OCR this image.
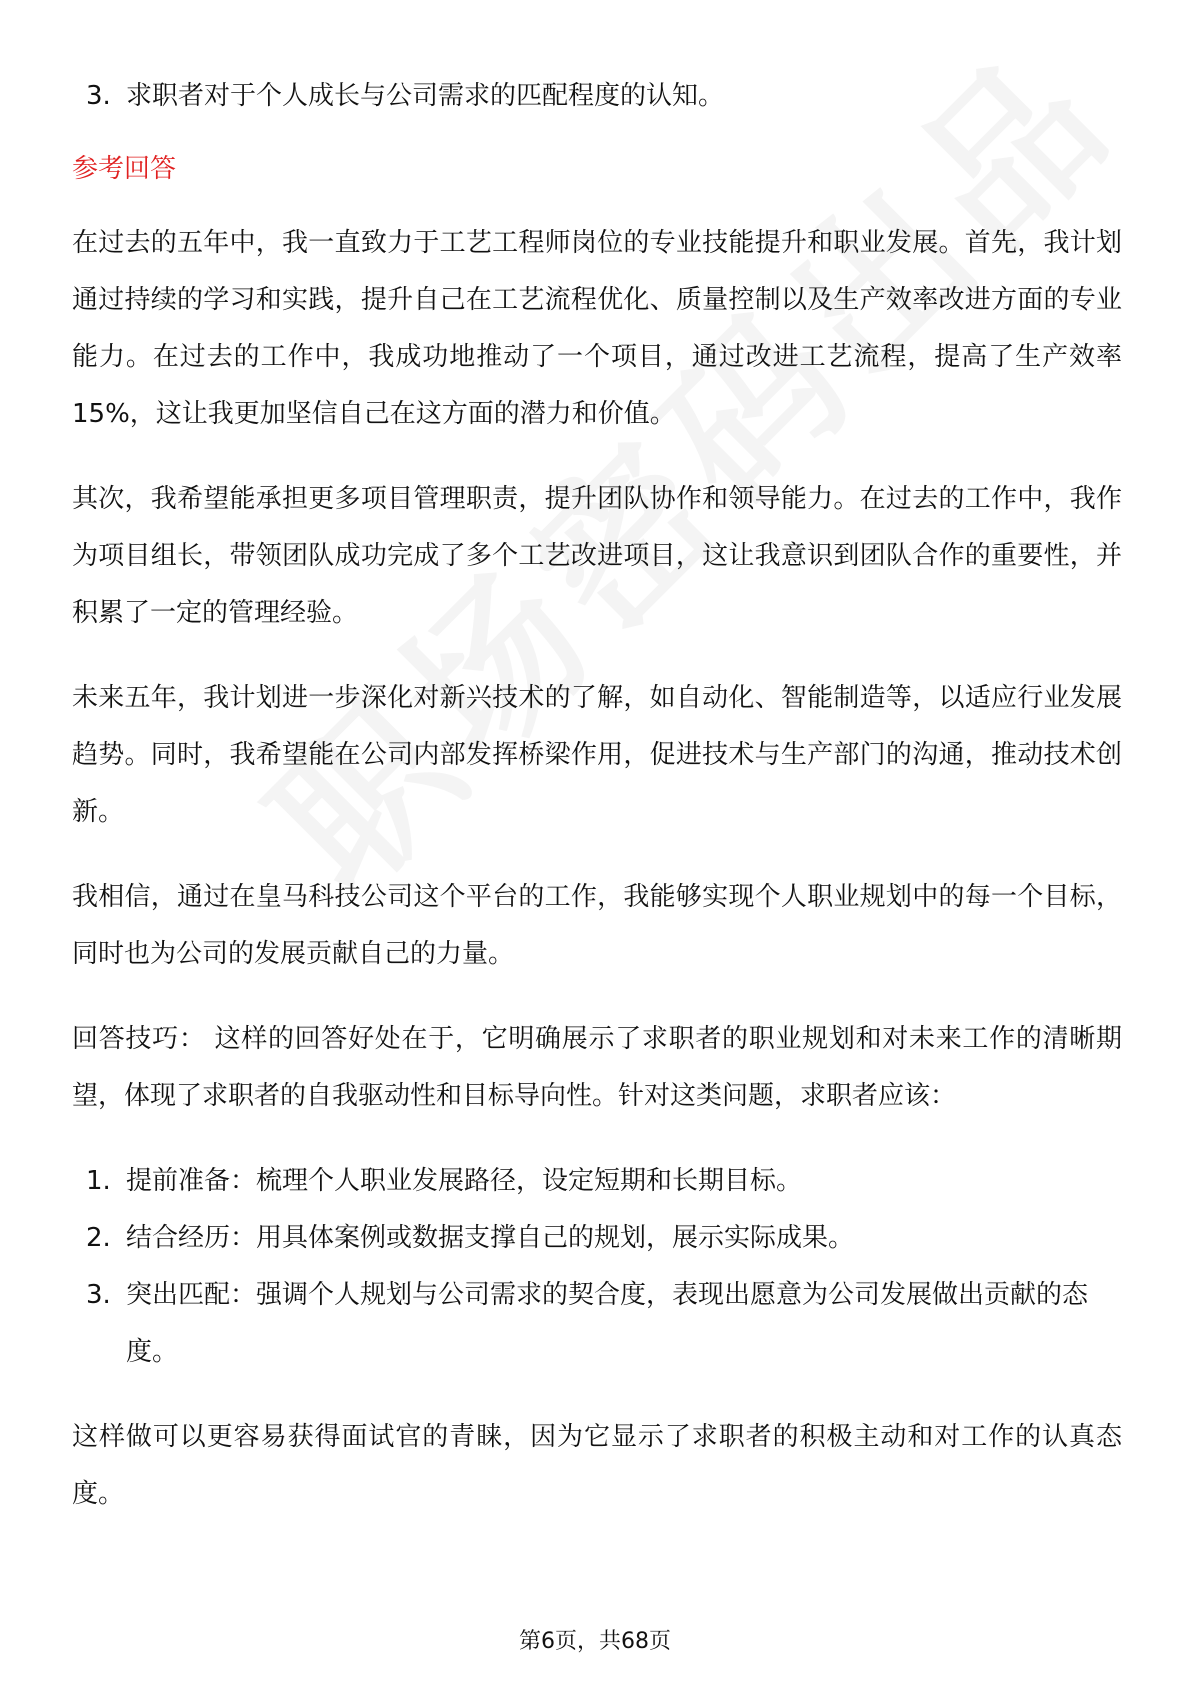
3. 求职者对于个人成长与公司需求的匹配程度的认知。
参考回答

在过去的五年中，我一直致力于工艺工程师岗位的专业技能提升和职业发展。首先，我计划通过持续的学习和实践，提升自己在工艺流程优化、质量控制以及生产效率改进方面的专业能力。在过去的工作中，我成功地推动了一个项目，通过改进工艺流程，提高了生产效率15%，这让我更加坚信自己在这方面的潜力和价值。

其次，我希望能承担更多项目管理职责，提升团队协作和领导能力。在过去的工作中，我作为项目组长，带领团队成功完成了多个工艺改进项目，这让我意识到团队合作的重要性，并积累了一定的管理经验。

未来五年，我计划进一步深化对新兴技术的了解，如自动化、智能制造等，以适应行业发展趋势。同时，我希望能在公司内部发挥桥梁作用，促进技术与生产部门的沟通，推动技术创新。

我相信，通过在皇马科技公司这个平台的工作，我能够实现个人职业规划中的每一个目标，同时也为公司的发展贡献自己的力量。

回答技巧： 这样的回答好处在于，它明确展示了求职者的职业规划和对未来工作的清晰期望，体现了求职者的自我驱动性和目标导向性。针对这类问题，求职者应该：

1. 提前准备：梳理个人职业发展路径，设定短期和长期目标。
2. 结合经历：用具体案例或数据支撑自己的规划，展示实际成果。
3. 突出匹配：强调个人规划与公司需求的契合度，表现出愿意为公司发展做出贡献的态度。

这样做可以更容易获得面试官的青睐，因为它显示了求职者的积极主动和对工作的认真态度。

第6页，共68页
